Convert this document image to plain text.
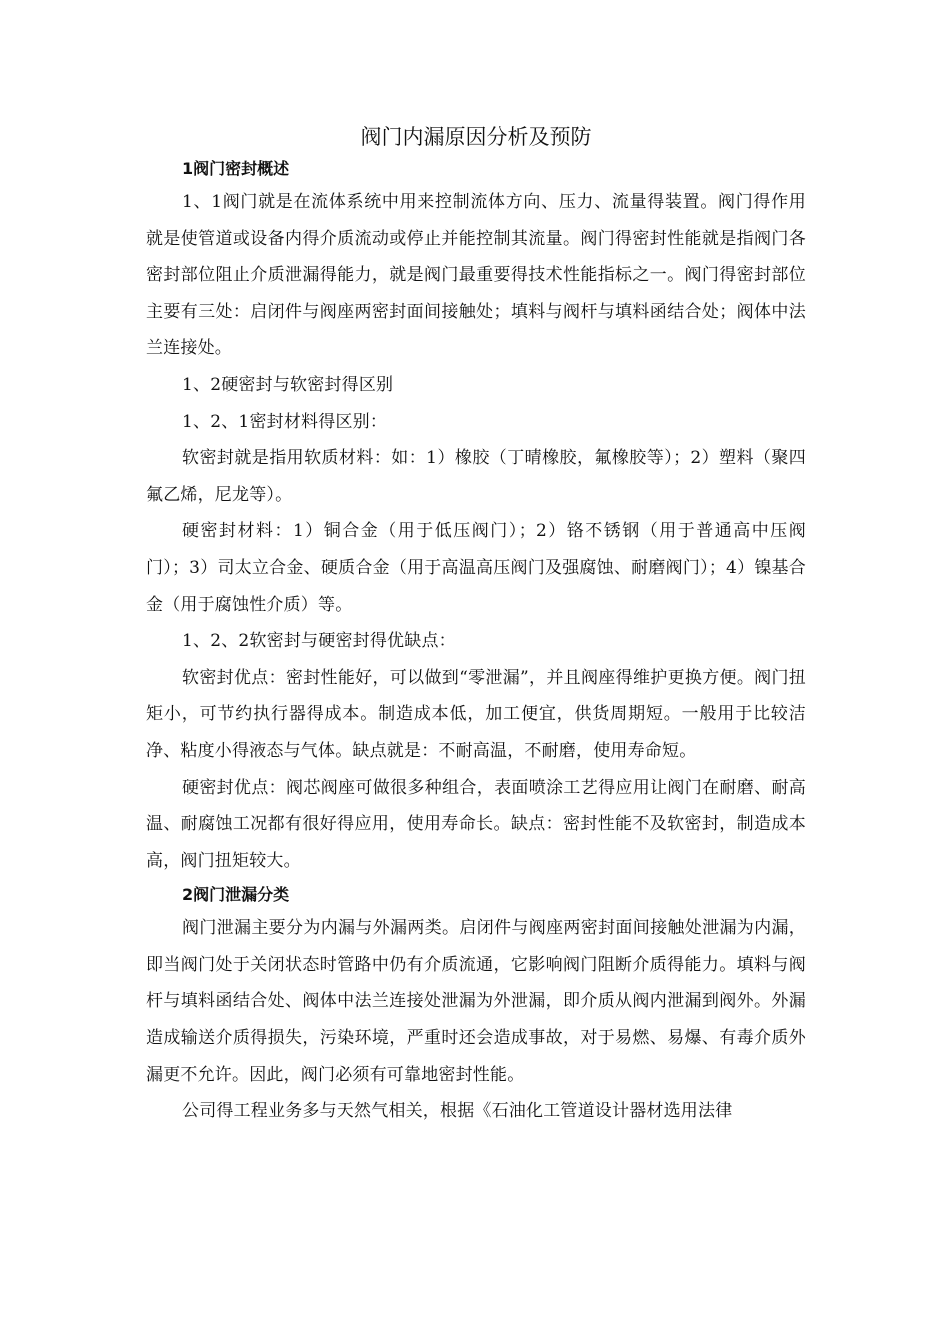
阀门内漏原因分析及预防

1阀门密封概述

1、1阀门就是在流体系统中用来控制流体方向、压力、流量得装置。阀门得作用就是使管道或设备内得介质流动或停止并能控制其流量。阀门得密封性能就是指阀门各密封部位阻止介质泄漏得能力，就是阀门最重要得技术性能指标之一。阀门得密封部位主要有三处：启闭件与阀座两密封面间接触处；填料与阀杆与填料函结合处；阀体中法兰连接处。

1、2硬密封与软密封得区别

1、2、1密封材料得区别：

软密封就是指用软质材料：如：1）橡胶（丁晴橡胶，氟橡胶等）；2）塑料（聚四氟乙烯，尼龙等）。

硬密封材料：1）铜合金（用于低压阀门）；2）铬不锈钢（用于普通高中压阀门）；3）司太立合金、硬质合金（用于高温高压阀门及强腐蚀、耐磨阀门）；4）镍基合金（用于腐蚀性介质）等。

1、2、2软密封与硬密封得优缺点：

软密封优点：密封性能好，可以做到“零泄漏”，并且阀座得维护更换方便。阀门扭矩小，可节约执行器得成本。制造成本低，加工便宜，供货周期短。一般用于比较洁净、粘度小得液态与气体。缺点就是：不耐高温，不耐磨，使用寿命短。

硬密封优点：阀芯阀座可做很多种组合，表面喷涂工艺得应用让阀门在耐磨、耐高温、耐腐蚀工况都有很好得应用，使用寿命长。缺点：密封性能不及软密封，制造成本高，阀门扭矩较大。

2阀门泄漏分类

阀门泄漏主要分为内漏与外漏两类。启闭件与阀座两密封面间接触处泄漏为内漏，即当阀门处于关闭状态时管路中仍有介质流通，它影响阀门阻断介质得能力。填料与阀杆与填料函结合处、阀体中法兰连接处泄漏为外泄漏，即介质从阀内泄漏到阀外。外漏造成输送介质得损失，污染环境，严重时还会造成事故，对于易燃、易爆、有毒介质外漏更不允许。因此，阀门必须有可靠地密封性能。

公司得工程业务多与天然气相关，根据《石油化工管道设计器材选用法律
